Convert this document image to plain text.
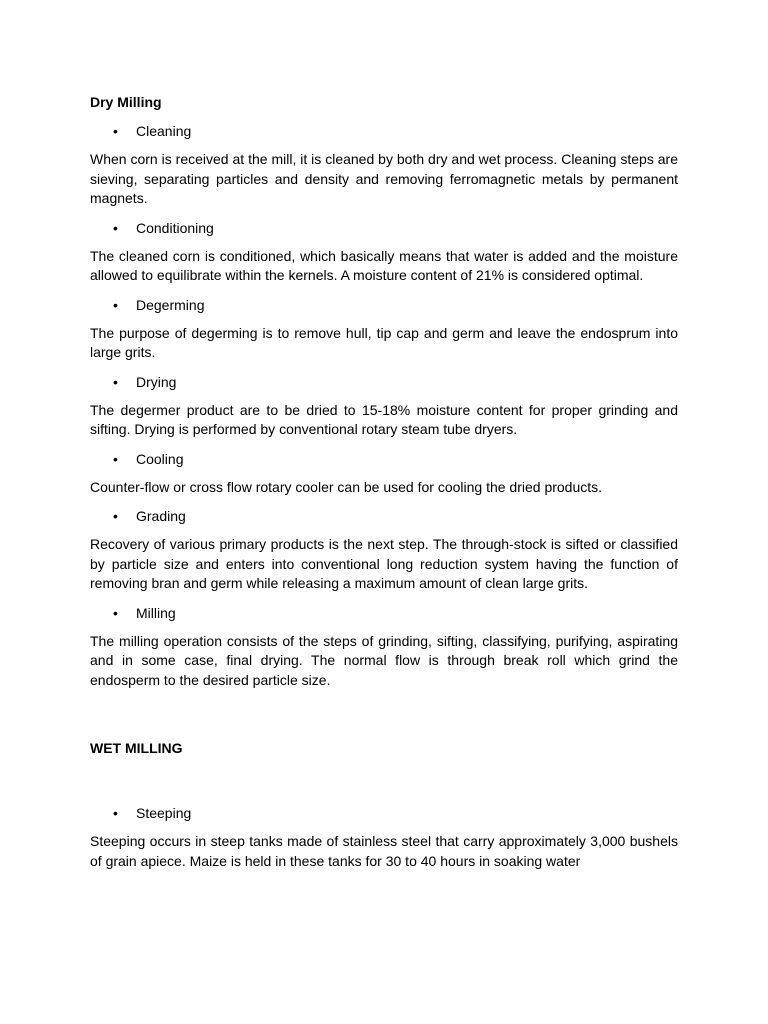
Dry Milling
• Cleaning

When corn is received at the mill, it is cleaned by both dry and wet process. Cleaning steps are sieving, separating particles and density and removing ferromagnetic metals by permanent magnets.

• Conditioning

The cleaned corn is conditioned, which basically means that water is added and the moisture allowed to equilibrate within the kernels. A moisture content of 21% is considered optimal.

• Degerming

The purpose of degerming is to remove hull, tip cap and germ and leave the endosprum into large grits.

• Drying

The degermer product are to be dried to 15-18% moisture content for proper grinding and sifting. Drying is performed by conventional rotary steam tube dryers.

• Cooling

Counter-flow or cross flow rotary cooler can be used for cooling the dried products.

• Grading

Recovery of various primary products is the next step. The through-stock is sifted or classified by particle size and enters into conventional long reduction system having the function of removing bran and germ while releasing a maximum amount of clean large grits.

• Milling

The milling operation consists of the steps of grinding, sifting, classifying, purifying, aspirating and in some case, final drying. The normal flow is through break roll which grind the endosperm to the desired particle size.

WET MILLING
• Steeping

Steeping occurs in steep tanks made of stainless steel that carry approximately 3,000 bushels of grain apiece. Maize is held in these tanks for 30 to 40 hours in soaking water
